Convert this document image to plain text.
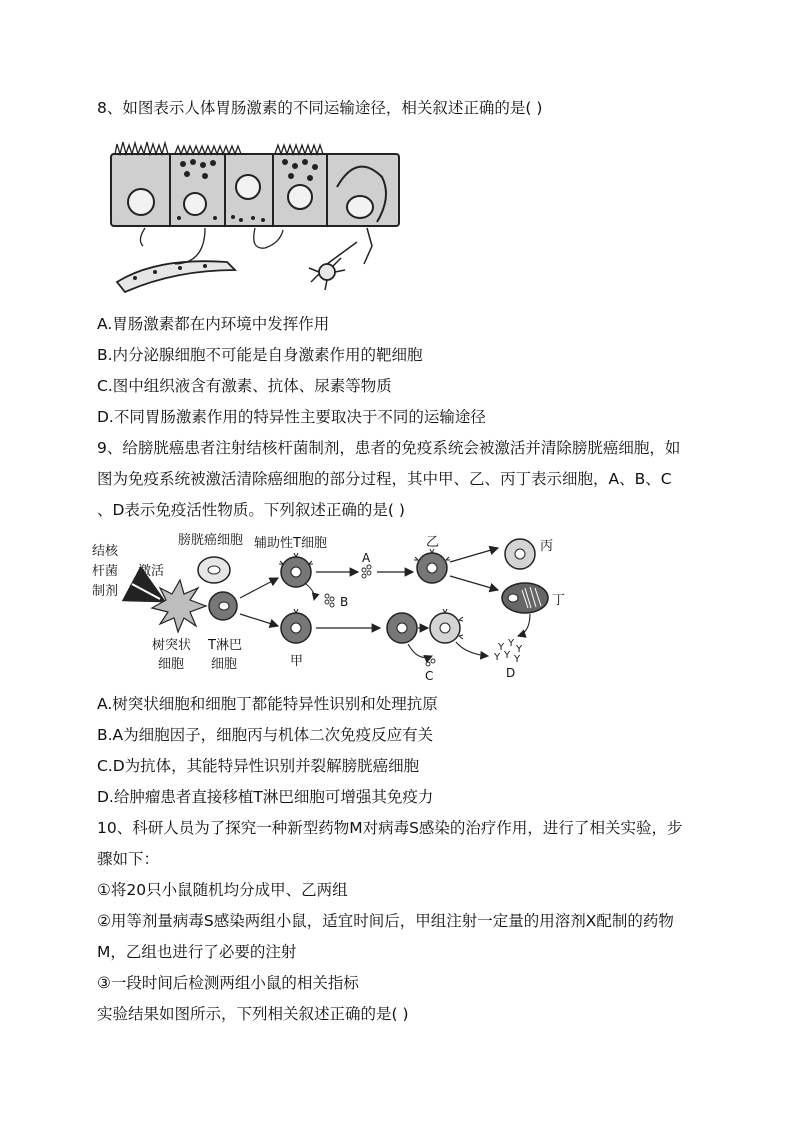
8、如图表示人体胃肠激素的不同运输途径，相关叙述正确的是( )
A.胃肠激素都在内环境中发挥作用
B.内分泌腺细胞不可能是自身激素作用的靶细胞
C.图中组织液含有激素、抗体、尿素等物质
D.不同胃肠激素作用的特异性主要取决于不同的运输途径
9、给膀胱癌患者注射结核杆菌制剂，患者的免疫系统会被激活并清除膀胱癌细胞，如
图为免疫系统被激活清除癌细胞的部分过程，其中甲、乙、丙丁表示细胞，A、B、C
、D表示免疫活性物质。下列叙述正确的是( )
结核
杆菌
制剂
激活
树突状
细胞
膀胱癌细胞
T淋巴
细胞
辅助性T细胞
B
A
乙	丙
丁
Y Y
Y
Y Y
Y
D
甲
C
A.树突状细胞和细胞丁都能特异性识别和处理抗原
B.A为细胞因子，细胞丙与机体二次免疫反应有关
C.D为抗体，其能特异性识别并裂解膀胱癌细胞
D.给肿瘤患者直接移植T淋巴细胞可增强其免疫力
10、科研人员为了探究一种新型药物M对病毒S感染的治疗作用，进行了相关实验，步
骤如下：
①将20只小鼠随机均分成甲、乙两组
②用等剂量病毒S感染两组小鼠，适宜时间后，甲组注射一定量的用溶剂X配制的药物
M，乙组也进行了必要的注射
③一段时间后检测两组小鼠的相关指标
实验结果如图所示，下列相关叙述正确的是( )
